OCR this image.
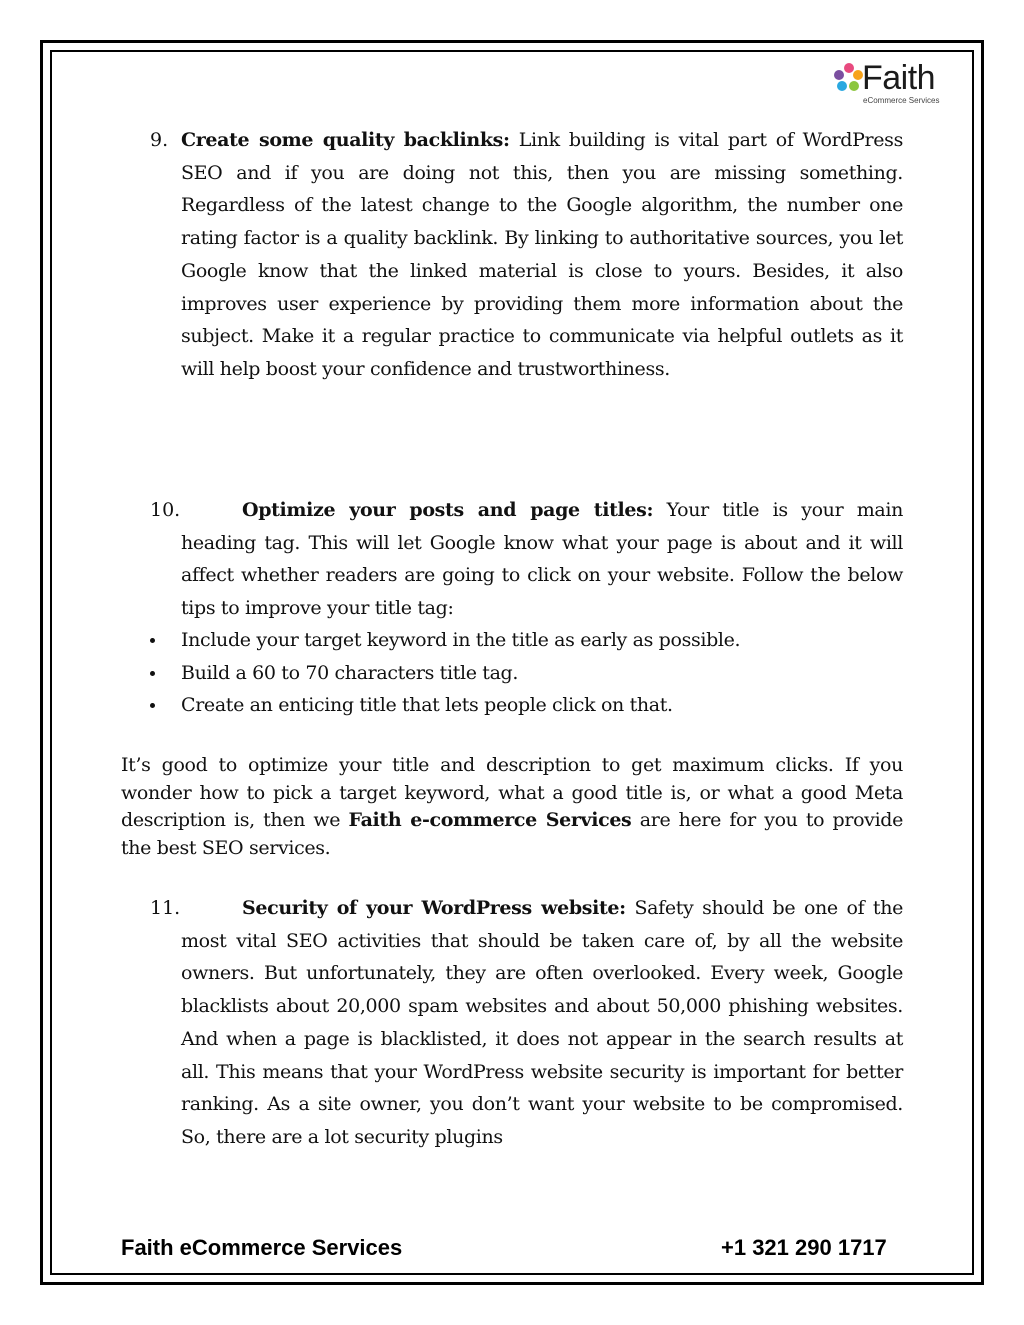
Faith
eCommerce Services
9. Create some quality backlinks: Link building is vital part of WordPress SEO and if you are doing not this, then you are missing something. Regardless of the latest change to the Google algorithm, the number one rating factor is a quality backlink. By linking to authoritative sources, you let Google know that the linked material is close to yours. Besides, it also improves user experience by providing them more information about the subject. Make it a regular practice to communicate via helpful outlets as it will help boost your confidence and trustworthiness.

10.	Optimize your posts and page titles: Your title is your main heading tag. This will let Google know what your page is about and it will affect whether readers are going to click on your website. Follow the below tips to improve your title tag:

Include your target keyword in the title as early as possible.
Build a 60 to 70 characters title tag.
Create an enticing title that lets people click on that.

It’s good to optimize your title and description to get maximum clicks. If you wonder how to pick a target keyword, what a good title is, or what a good Meta description is, then we Faith e-commerce Services are here for you to provide the best SEO services.

11.	Security of your WordPress website: Safety should be one of the most vital SEO activities that should be taken care of, by all the website owners. But unfortunately, they are often overlooked. Every week, Google blacklists about 20,000 spam websites and about 50,000 phishing websites. And when a page is blacklisted, it does not appear in the search results at all. This means that your WordPress website security is important for better ranking. As a site owner, you don’t want your website to be compromised. So, there are a lot security plugins

Faith eCommerce Services	+1 321 290 1717
